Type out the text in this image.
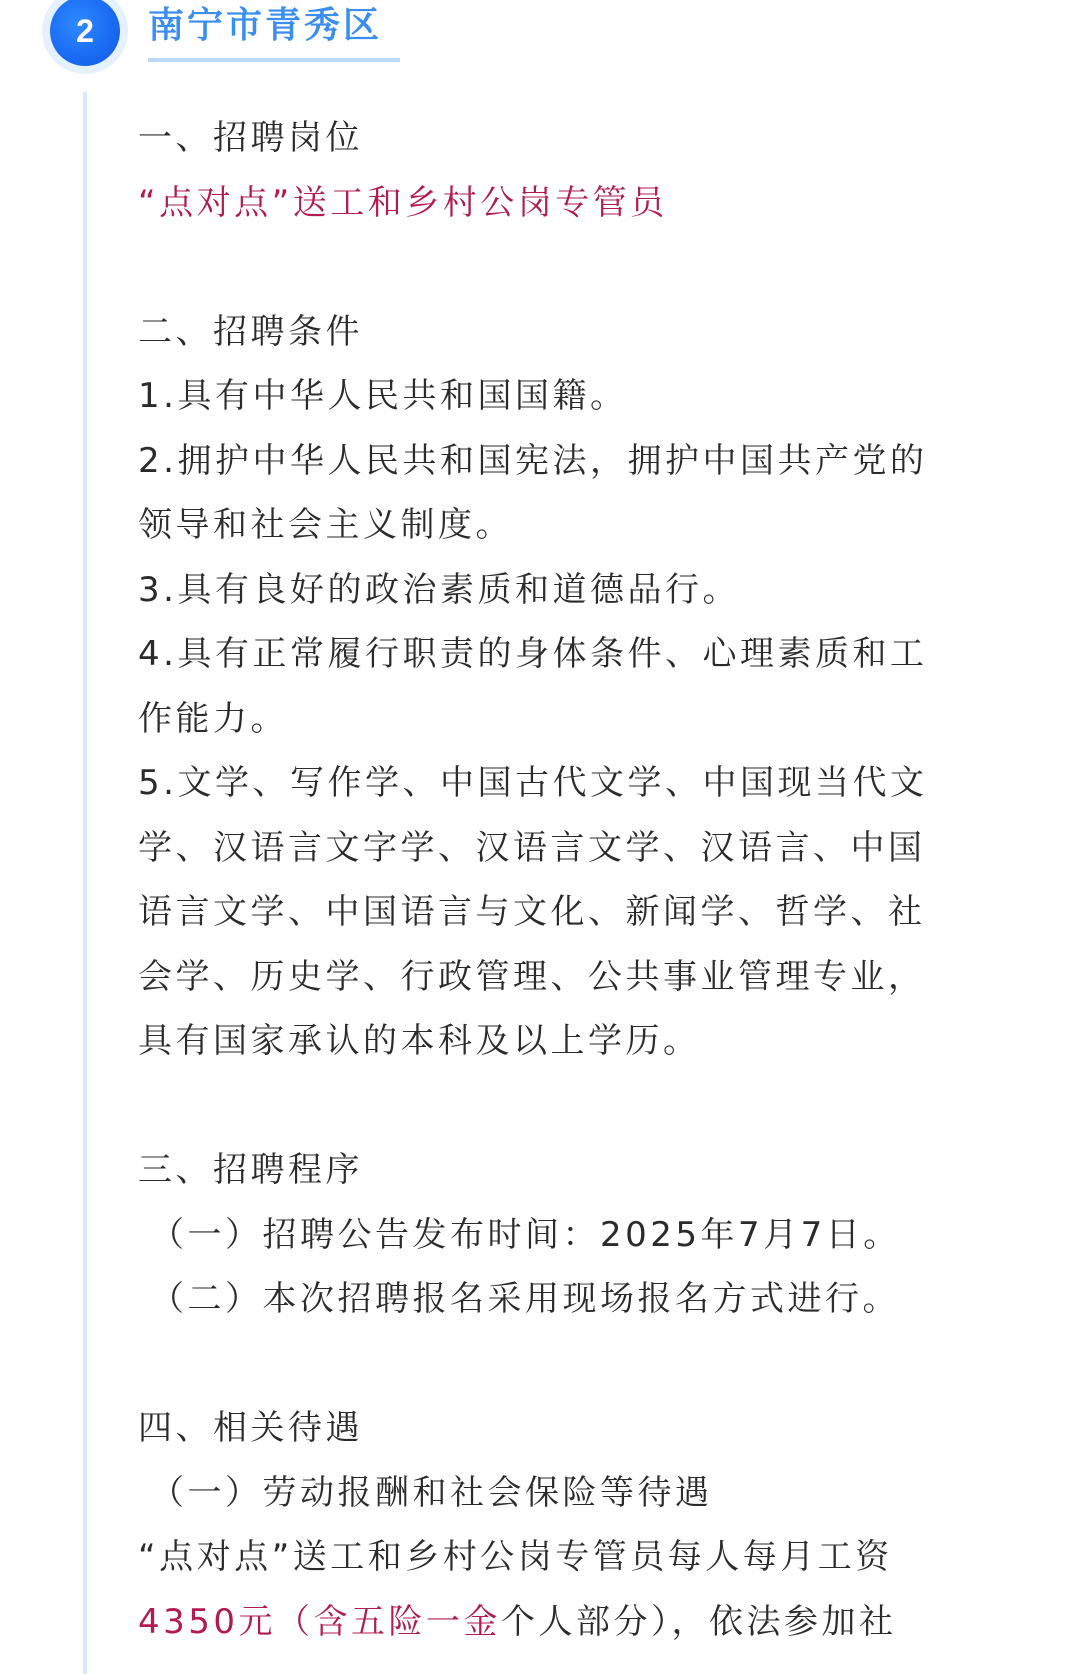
2	南宁市青秀区
一、招聘岗位
“点对点”送工和乡村公岗专管员
二、招聘条件
1.具有中华人民共和国国籍。
2.拥护中华人民共和国宪法，拥护中国共产党的
领导和社会主义制度。
3.具有良好的政治素质和道德品行。
4.具有正常履行职责的身体条件、心理素质和工
作能力。
5.文学、写作学、中国古代文学、中国现当代文
学、汉语言文字学、汉语言文学、汉语言、中国
语言文学、中国语言与文化、新闻学、哲学、社
会学、历史学、行政管理、公共事业管理专业，
具有国家承认的本科及以上学历。
三、招聘程序
（一）招聘公告发布时间：2025年7月7日。
（二）本次招聘报名采用现场报名方式进行。
四、相关待遇
（一）劳动报酬和社会保险等待遇
“点对点”送工和乡村公岗专管员每人每月工资
4350元（含五险一金个人部分），依法参加社
